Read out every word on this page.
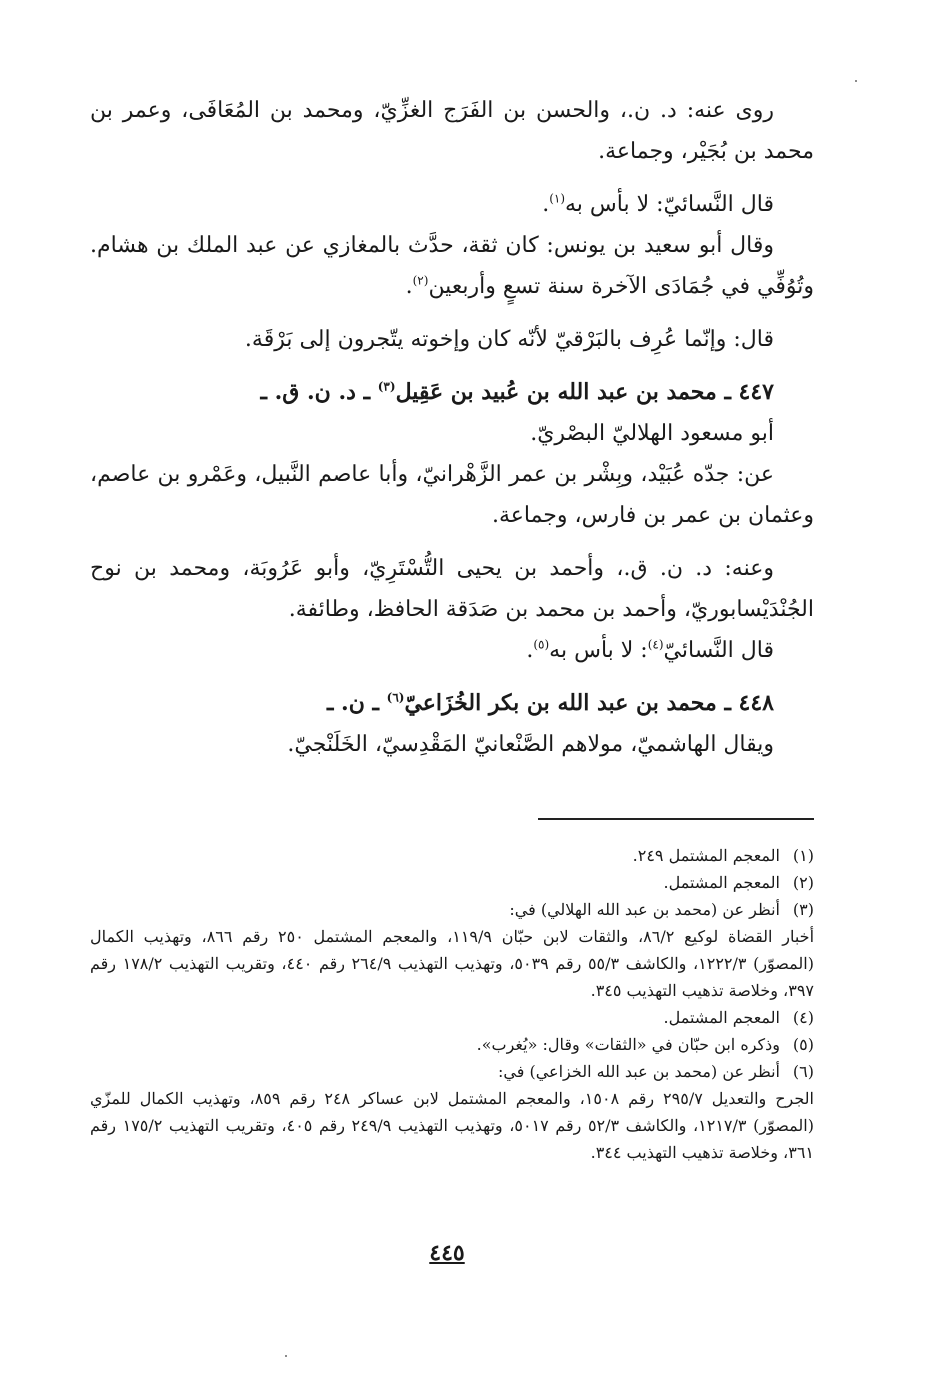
روى عنه: د. ن.، والحسن بن الفَرَج الغزِّيّ، ومحمد بن المُعَافَى، وعمر بن محمد بن بُجَيْر، وجماعة.

قال النَّسائيّ: لا بأس به$^{(١)}$.

وقال أبو سعيد بن يونس: كان ثقة، حدَّث بالمغازي عن عبد الملك بن هشام. وتُوُفِّي في جُمَادَى الآخرة سنة تسعٍ وأربعين$^{(٢)}$.

قال: وإنّما عُرِف بالبَرْقيّ لأنّه كان وإخوته يتّجرون إلى بَرْقَة.

٤٤٧ ـ محمد بن عبد الله بن عُبيد بن عَقِيل$^{(٣)}$ ـ د. ن. ق. ـ

أبو مسعود الهلاليّ البصْريّ.

عن: جدّه عُبَيْد، وبِشْر بن عمر الزَّهْرانيّ، وأبا عاصم النَّبيل، وعَمْرو بن عاصم، وعثمان بن عمر بن فارس، وجماعة.

وعنه: د. ن. ق.، وأحمد بن يحيى التُّسْتَرِيّ، وأبو عَرُوبَة، ومحمد بن نوح الجُنْدَيْسابوريّ، وأحمد بن محمد بن صَدَقة الحافظ، وطائفة.

قال النَّسائيّ$^{(٤)}$: لا بأس به$^{(٥)}$.

٤٤٨ ـ محمد بن عبد الله بن بكر الخُزَاعيّ$^{(٦)}$ ـ ن. ـ

ويقال الهاشميّ، مولاهم الصَّنْعانيّ المَقْدِسيّ، الخَلَنْجيّ.

(١)
المعجم المشتمل ٢٤٩.
(٢)
المعجم المشتمل.
(٣)
أنظر عن (محمد بن عبد الله الهلالي) في:

أخبار القضاة لوكيع ٨٦/٢، والثقات لابن حبّان ١١٩/٩، والمعجم المشتمل ٢٥٠ رقم ٨٦٦، وتهذيب الكمال (المصوّر) ١٢٢٢/٣، والكاشف ٥٥/٣ رقم ٥٠٣٩، وتهذيب التهذيب ٢٦٤/٩ رقم ٤٤٠، وتقريب التهذيب ١٧٨/٢ رقم ٣٩٧، وخلاصة تذهيب التهذيب ٣٤٥.

(٤)
المعجم المشتمل.
(٥)
وذكره ابن حبّان في «الثقات» وقال: «يُغرب».
(٦)
أنظر عن (محمد بن عبد الله الخزاعي) في:

الجرح والتعديل ٢٩٥/٧ رقم ١٥٠٨، والمعجم المشتمل لابن عساكر ٢٤٨ رقم ٨٥٩، وتهذيب الكمال للمزّي (المصوّر) ١٢١٧/٣، والكاشف ٥٢/٣ رقم ٥٠١٧، وتهذيب التهذيب ٢٤٩/٩ رقم ٤٠٥، وتقريب التهذيب ١٧٥/٢ رقم ٣٦١، وخلاصة تذهيب التهذيب ٣٤٤.

٤٤٥
